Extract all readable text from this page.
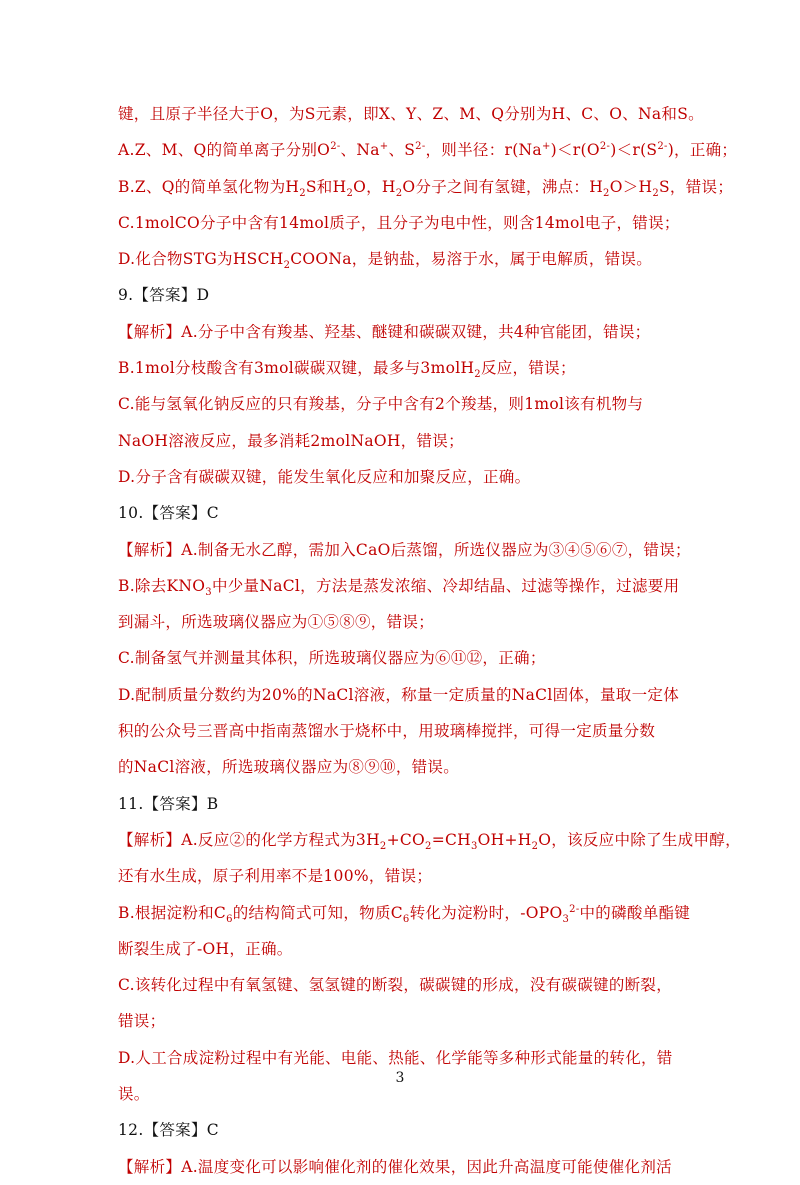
键，且原子半径大于O，为S元素，即X、Y、Z、M、Q分别为H、C、O、Na和S。
A.Z、M、Q的简单离子分别$O^{2-}$、Na+、$S^{2-}$，则半径：$r(Na^+)<r(O^{2-})<r(S^{2-})$，正确；
B.Z、Q的简单氢化物为$H_2S$和$H_2O$，$H_2O$分子之间有氢键，沸点：$H_2O>H_2S$，错误；
C.1molCO分子中含有14mol质子，且分子为电中性，则含14mol电子，错误；
D.化合物STG为$HSCH_2COONa$，是钠盐，易溶于水，属于电解质，错误。
9.【答案】D
【解析】A.分子中含有羧基、羟基、醚键和碳碳双键，共4种官能团，错误；
B.1mol分枝酸含有3mol碳碳双键，最多与3molH$_2$反应，错误；
C.能与氢氧化钠反应的只有羧基，分子中含有2个羧基，则1mol该有机物与
NaOH溶液反应，最多消耗2molNaOH，错误；
D.分子含有碳碳双键，能发生氧化反应和加聚反应，正确。
10.【答案】C
【解析】A.制备无水乙醇，需加入CaO后蒸馏，所选仪器应为③④⑤⑥⑦，错误；
B.除去$KNO_3$中少量NaCl，方法是蒸发浓缩、冷却结晶、过滤等操作，过滤要用
到漏斗，所选玻璃仪器应为①⑤⑧⑨，错误；
C.制备氢气并测量其体积，所选玻璃仪器应为⑥⑪⑫，正确；
D.配制质量分数约为20%的NaCl溶液，称量一定质量的NaCl固体，量取一定体
积的公众号三晋高中指南蒸馏水于烧杯中，用玻璃棒搅拌，可得一定质量分数
的NaCl溶液，所选玻璃仪器应为⑧⑨⑩，错误。
11.【答案】B
【解析】A.反应②的化学方程式为$3H_2+CO_2=CH_3OH+H_2O$，该反应中除了生成甲醇，
还有水生成，原子利用率不是100%，错误；
B.根据淀粉和$C_6$的结构简式可知，物质$C_6$转化为淀粉时，$-OPO_3^{2-}$中的磷酸单酯键
断裂生成了-OH，正确。
C.该转化过程中有氧氢键、氢氢键的断裂，碳碳键的形成，没有碳碳键的断裂，
错误；
D.人工合成淀粉过程中有光能、电能、热能、化学能等多种形式能量的转化，错
误。
12.【答案】C
【解析】A.温度变化可以影响催化剂的催化效果，因此升高温度可能使催化剂活
3
